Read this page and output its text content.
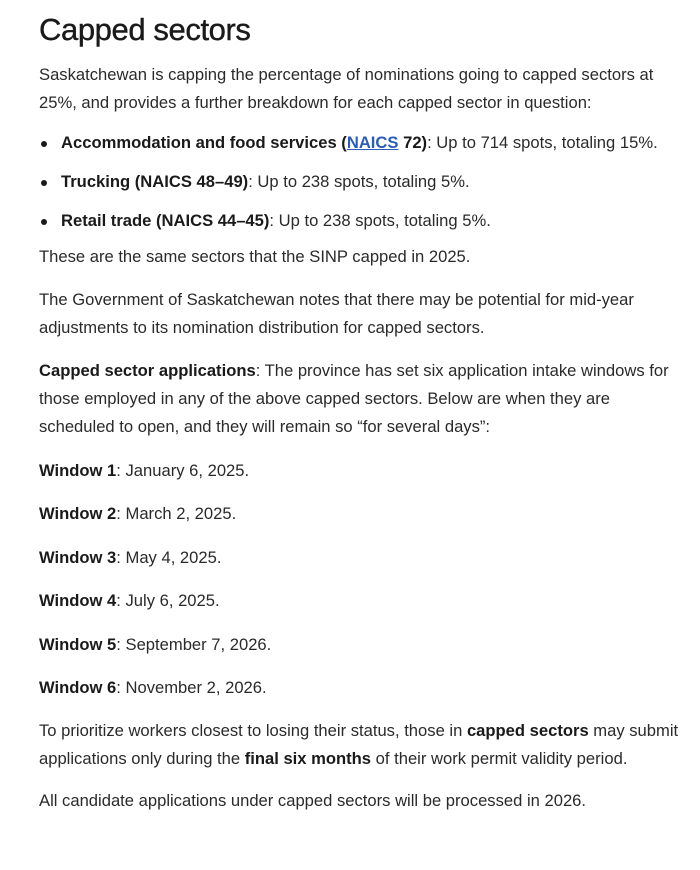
Capped sectors

Saskatchewan is capping the percentage of nominations going to capped sectors at 25%, and provides a further breakdown for each capped sector in question:

Accommodation and food services (NAICS 72): Up to 714 spots, totaling 15%.
Trucking (NAICS 48–49): Up to 238 spots, totaling 5%.
Retail trade (NAICS 44–45): Up to 238 spots, totaling 5%.

These are the same sectors that the SINP capped in 2025.

The Government of Saskatchewan notes that there may be potential for mid-year adjustments to its nomination distribution for capped sectors.

Capped sector applications: The province has set six application intake windows for those employed in any of the above capped sectors. Below are when they are scheduled to open, and they will remain so “for several days”:

Window 1: January 6, 2025.

Window 2: March 2, 2025.

Window 3: May 4, 2025.

Window 4: July 6, 2025.

Window 5: September 7, 2026.

Window 6: November 2, 2026.

To prioritize workers closest to losing their status, those in capped sectors may submit applications only during the final six months of their work permit validity period.

All candidate applications under capped sectors will be processed in 2026.
